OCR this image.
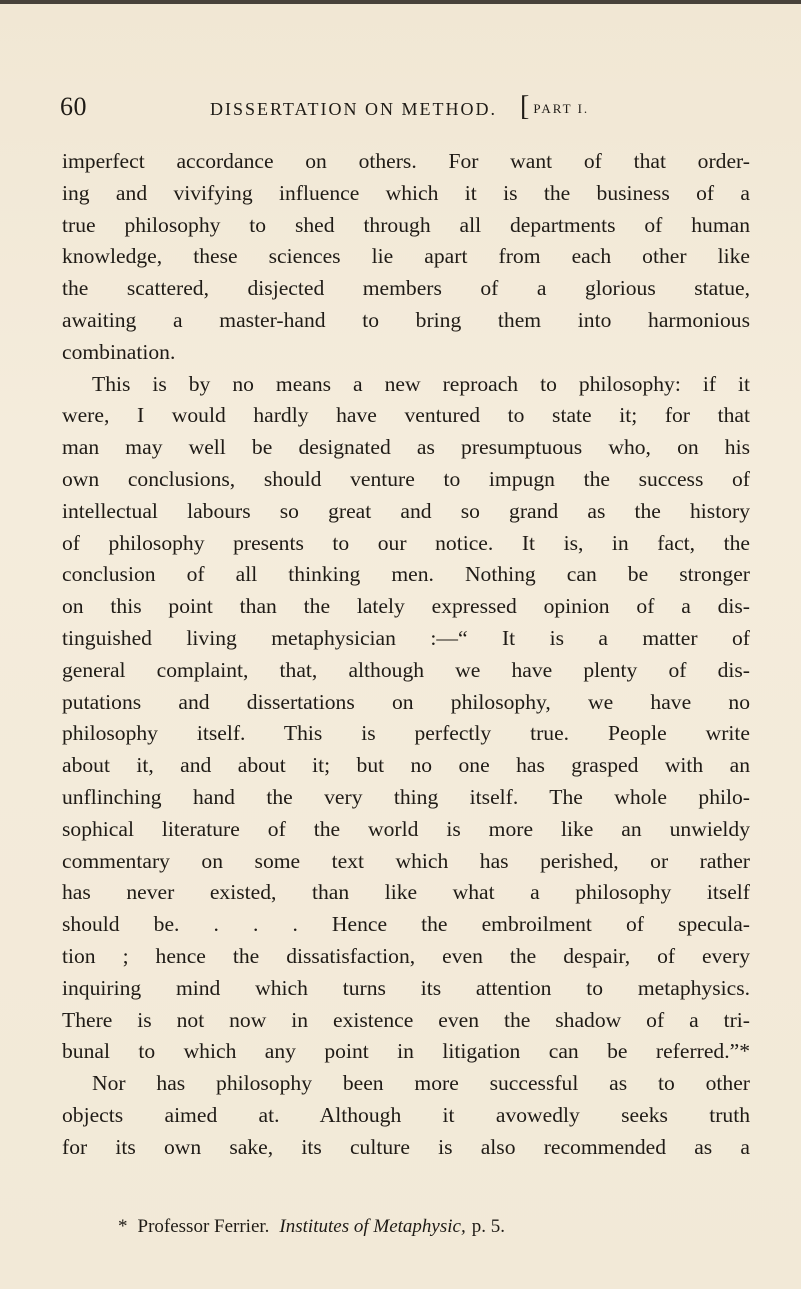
60	DISSERTATION ON METHOD. [ PART I.
imperfect accordance on others. For want of that order-
ing and vivifying influence which it is the business of a
true philosophy to shed through all departments of human
knowledge, these sciences lie apart from each other like
the scattered, disjected members of a glorious statue,
awaiting a master-hand to bring them into harmonious
combination.
This is by no means a new reproach to philosophy: if it
were, I would hardly have ventured to state it; for that
man may well be designated as presumptuous who, on his
own conclusions, should venture to impugn the success of
intellectual labours so great and so grand as the history
of philosophy presents to our notice. It is, in fact, the
conclusion of all thinking men. Nothing can be stronger
on this point than the lately expressed opinion of a dis-
tinguished living metaphysician :—“ It is a matter of
general complaint, that, although we have plenty of dis-
putations and dissertations on philosophy, we have no
philosophy itself. This is perfectly true. People write
about it, and about it; but no one has grasped with an
unflinching hand the very thing itself. The whole philo-
sophical literature of the world is more like an unwieldy
commentary on some text which has perished, or rather
has never existed, than like what a philosophy itself
should be. . . . Hence the embroilment of specula-
tion ; hence the dissatisfaction, even the despair, of every
inquiring mind which turns its attention to metaphysics.
There is not now in existence even the shadow of a tri-
bunal to which any point in litigation can be referred.”*
Nor has philosophy been more successful as to other
objects aimed at. Although it avowedly seeks truth
for its own sake, its culture is also recommended as a
* Professor Ferrier. Institutes of Metaphysic, p. 5.
